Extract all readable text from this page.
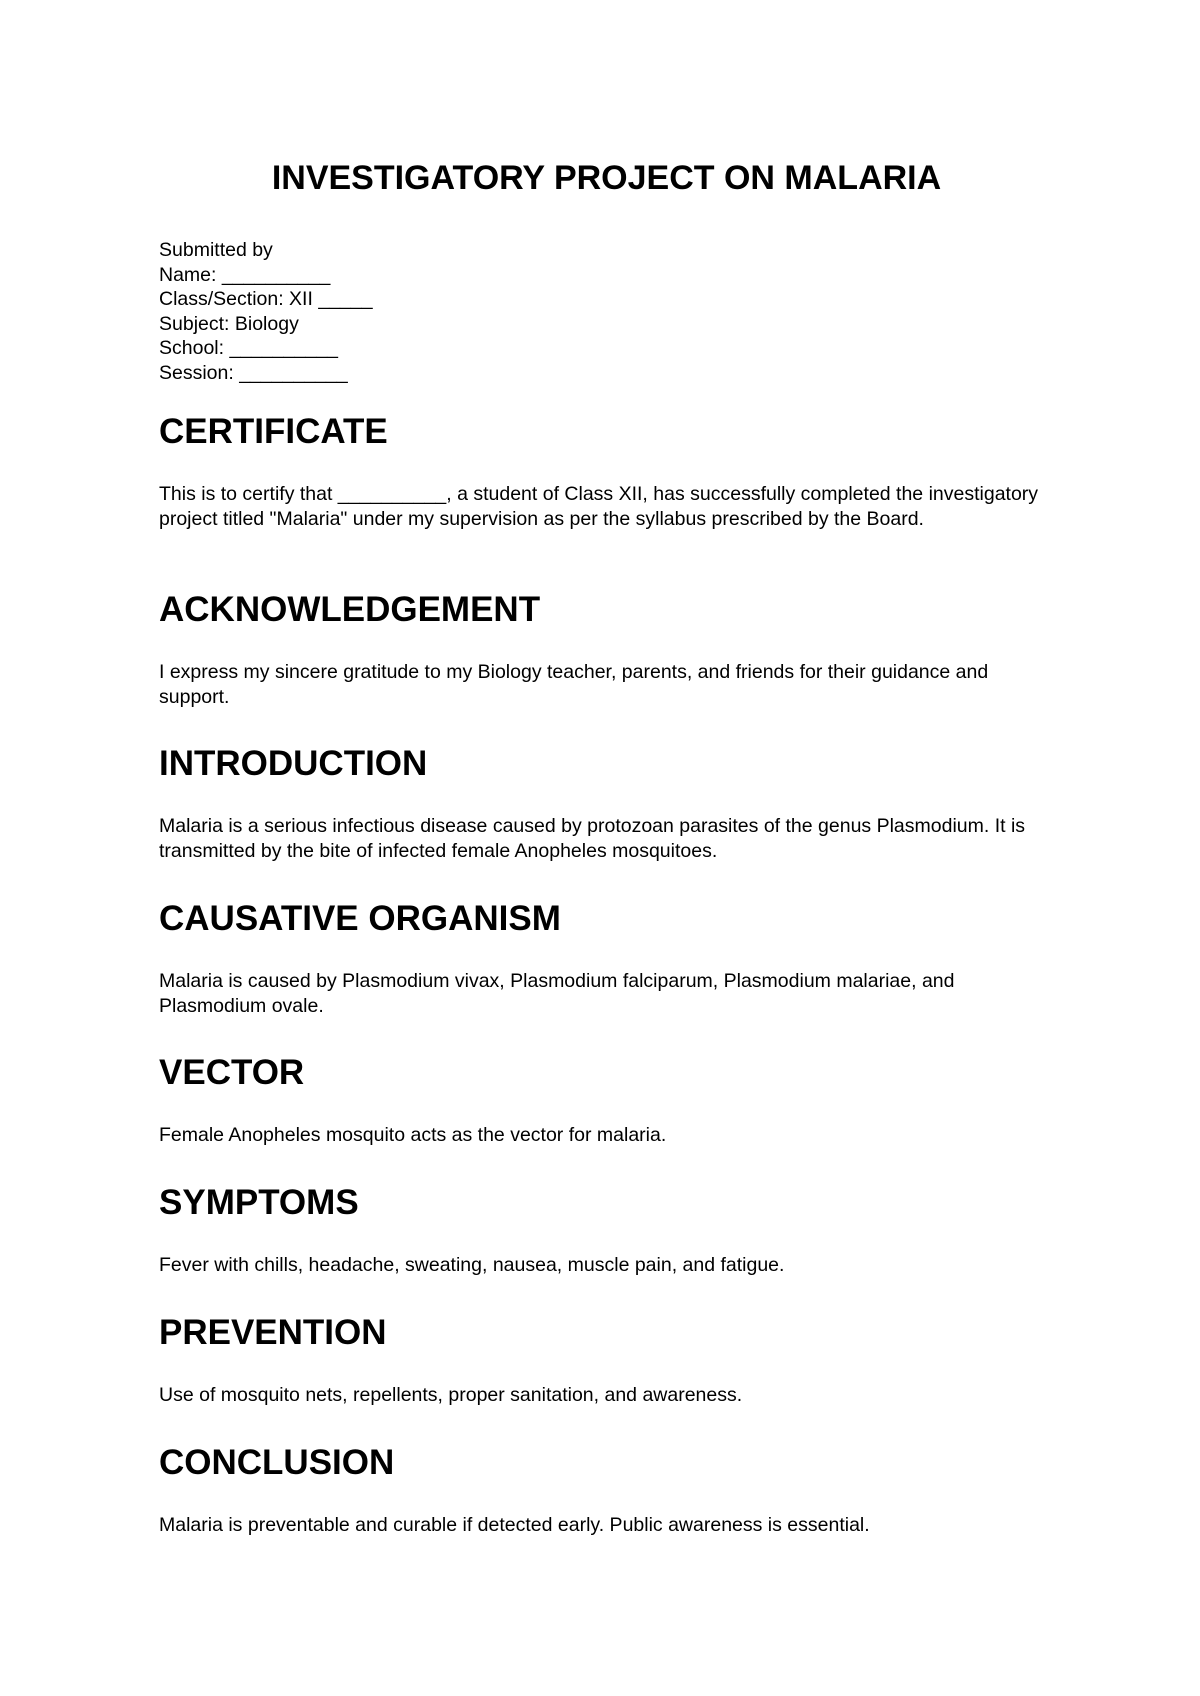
INVESTIGATORY PROJECT ON MALARIA
Submitted by
Name: __________
Class/Section: XII _____
Subject: Biology
School: __________
Session: __________
CERTIFICATE

This is to certify that __________, a student of Class XII, has successfully completed the investigatory project titled "Malaria" under my supervision as per the syllabus prescribed by the Board.

ACKNOWLEDGEMENT

I express my sincere gratitude to my Biology teacher, parents, and friends for their guidance and support.

INTRODUCTION

Malaria is a serious infectious disease caused by protozoan parasites of the genus Plasmodium. It is transmitted by the bite of infected female Anopheles mosquitoes.

CAUSATIVE ORGANISM

Malaria is caused by Plasmodium vivax, Plasmodium falciparum, Plasmodium malariae, and Plasmodium ovale.

VECTOR

Female Anopheles mosquito acts as the vector for malaria.

SYMPTOMS

Fever with chills, headache, sweating, nausea, muscle pain, and fatigue.

PREVENTION

Use of mosquito nets, repellents, proper sanitation, and awareness.

CONCLUSION

Malaria is preventable and curable if detected early. Public awareness is essential.
